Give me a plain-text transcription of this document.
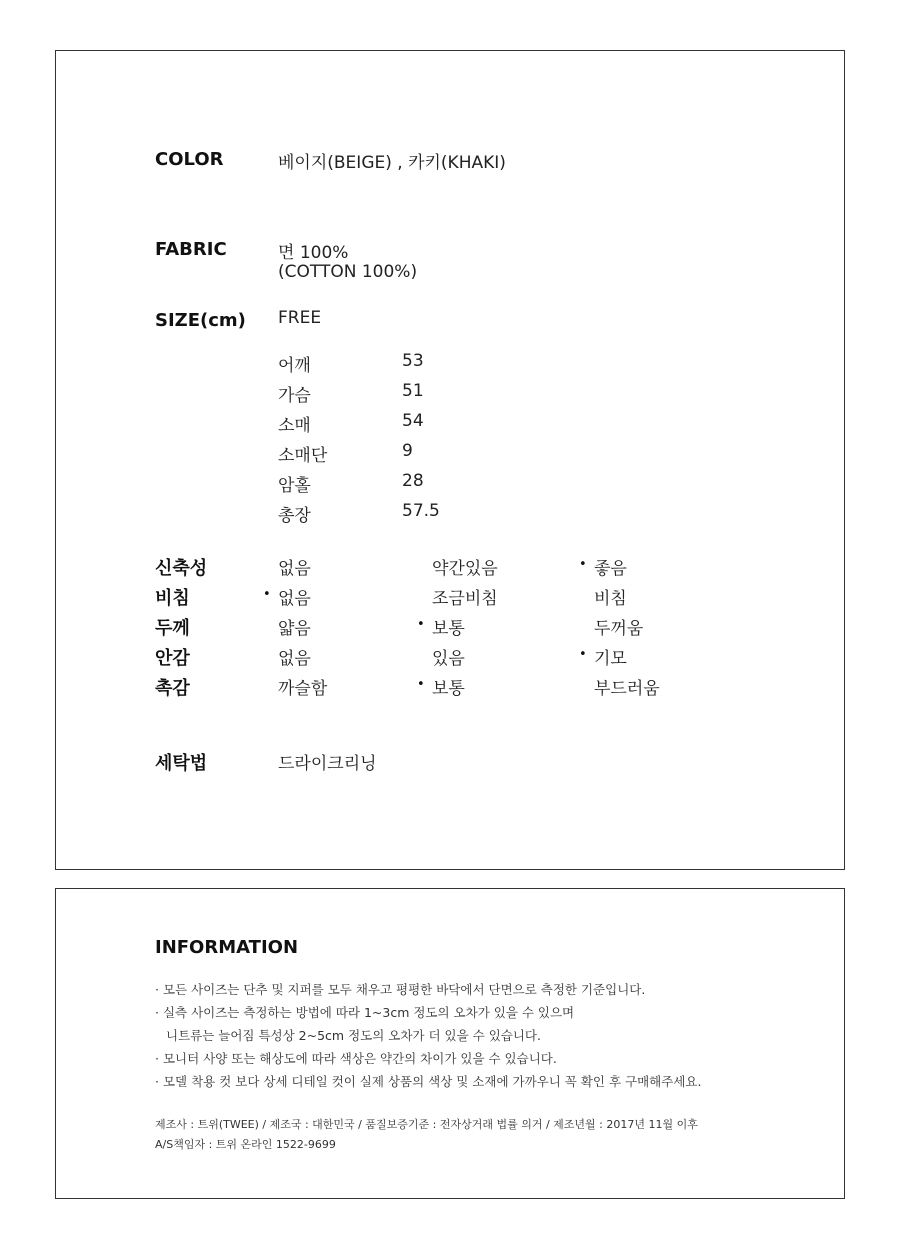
COLOR	베이지(BEIGE) , 카키(KHAKI)
FABRIC	면 100%
(COTTON 100%)
SIZE(cm) FREE
어깨	53
가슴	51
소매	54
소매단	9
암홀	28
총장	57.5
신축성	없음	약간있음	• 좋음
비침	• 없음	조금비침	비침
두께	얇음	• 보통	두꺼움
안감	없음	있음	• 기모
촉감	까슬함	• 보통	부드러움
세탁법	드라이크리닝
INFORMATION
· 모든 사이즈는 단추 및 지퍼를 모두 채우고 평평한 바닥에서 단면으로 측정한 기준입니다.
· 실측 사이즈는 측정하는 방법에 따라 1~3cm 정도의 오차가 있을 수 있으며
니트류는 늘어짐 특성상 2~5cm 정도의 오차가 더 있을 수 있습니다.
· 모니터 사양 또는 해상도에 따라 색상은 약간의 차이가 있을 수 있습니다.
· 모델 착용 컷 보다 상세 디테일 컷이 실제 상품의 색상 및 소재에 가까우니 꼭 확인 후 구매해주세요.
제조사 : 트위(TWEE) / 제조국 : 대한민국 / 품질보증기준 : 전자상거래 법률 의거 / 제조년월 : 2017년 11월 이후
A/S책임자 : 트위 온라인 1522-9699
